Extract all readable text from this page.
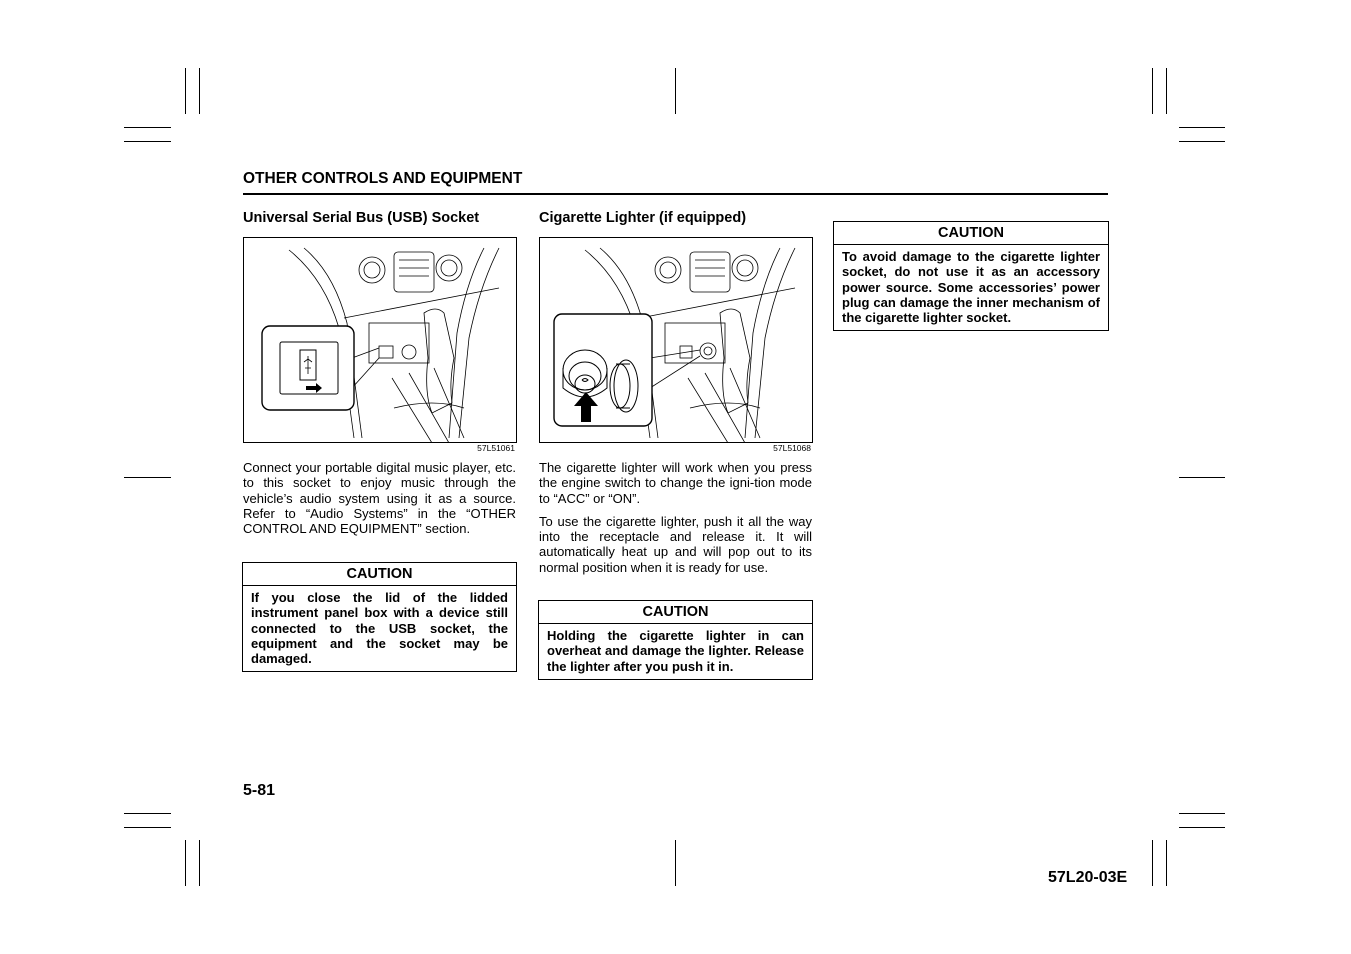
OTHER CONTROLS AND EQUIPMENT
Universal Serial Bus (USB) Socket
57L51061

Connect your portable digital music player, etc. to this socket to enjoy music through the vehicle’s audio system using it as a source. Refer to “Audio Systems” in the “OTHER CONTROL AND EQUIPMENT” section.

CAUTION
If you close the lid of the lidded instrument panel box with a device still connected to the USB socket, the equipment and the socket may be damaged.
Cigarette Lighter (if equipped)
57L51068

The cigarette lighter will work when you press the engine switch to change the igni-tion mode to “ACC” or “ON”.

To use the cigarette lighter, push it all the way into the receptacle and release it. It will automatically heat up and will pop out to its normal position when it is ready for use.

CAUTION
Holding the cigarette lighter in can overheat and damage the lighter. Release the lighter after you push it in.
CAUTION
To avoid damage to the cigarette lighter socket, do not use it as an accessory power source. Some accessories’ power plug can damage the inner mechanism of the cigarette lighter socket.
5-81
57L20-03E
